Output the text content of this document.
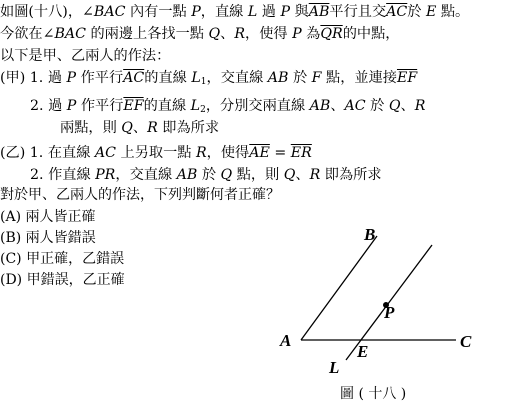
如圖(十八)，∠BAC 內有一點 P，直線 L 過 P 與$\overline{AB}$平行且交$\overline{AC}$於 E 點。
今欲在∠BAC 的兩邊上各找一點 Q、R，使得 P 為$\overline{QR}$的中點，
以下是甲、乙兩人的作法：
(甲) 1. 過 P 作平行$\overline{AC}$的直線 $L_1$，交直線 AB 於 F 點，並連接$\overline{EF}$
2. 過 P 作平行$\overline{EF}$的直線 $L_2$，分別交兩直線 AB、AC 於 Q、R
兩點，則 Q、R 即為所求
(乙) 1. 在直線 AC 上另取一點 R，使得$\overline{AE} = \overline{ER}$
2. 作直線 PR，交直線 AB 於 Q 點，則 Q、R 即為所求
對於甲、乙兩人的作法，下列判斷何者正確？
(A) 兩人皆正確
(B) 兩人皆錯誤
(C) 甲正確，乙錯誤
(D) 甲錯誤，乙正確
B
A	C
P
E
L
圖 ( 十八 )
